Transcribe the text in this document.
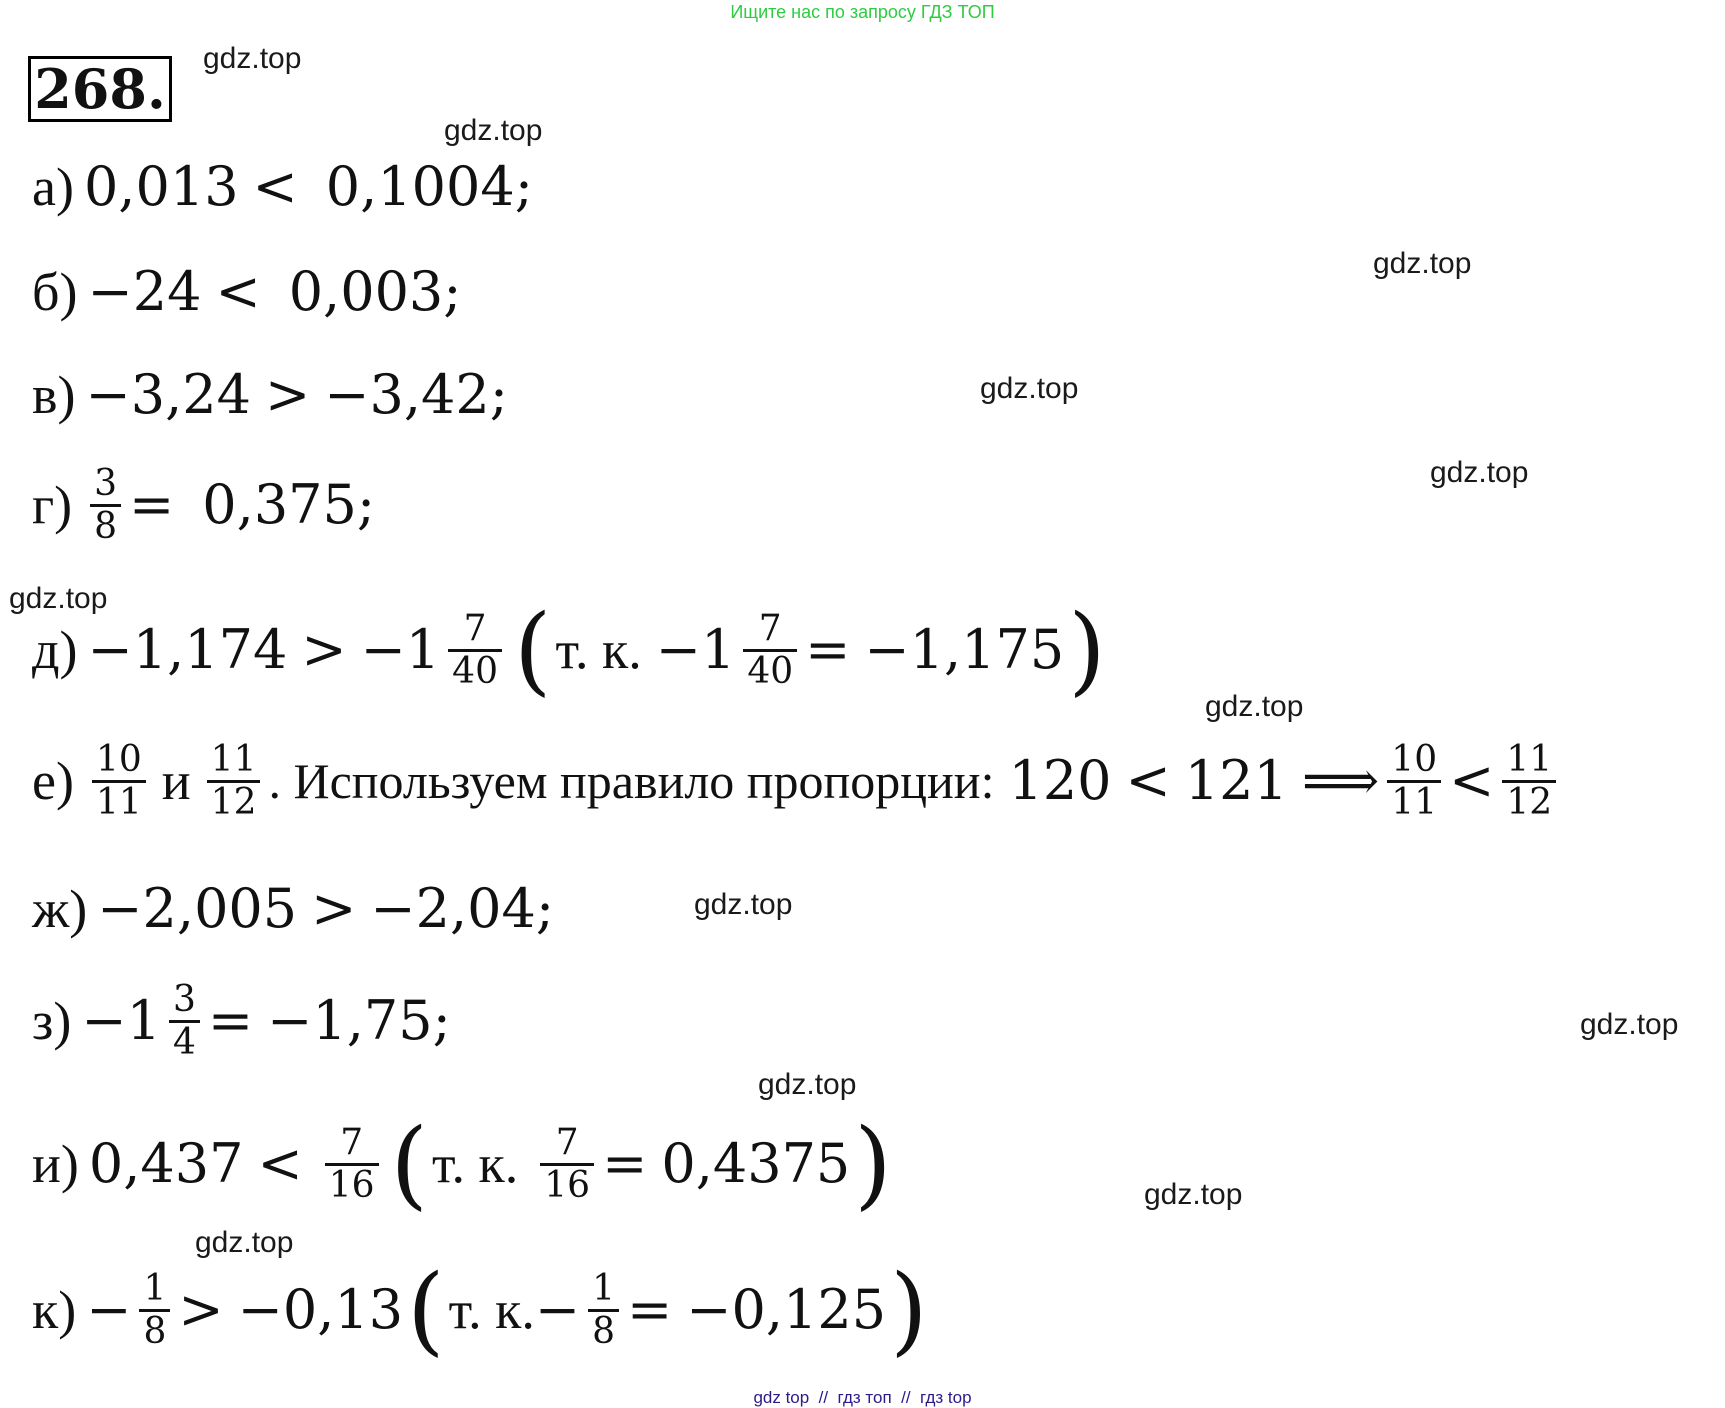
Ищите нас по запросу ГДЗ ТОП
268. gdz.top
gdz.top
gdz.top
gdz.top
gdz.top
gdz.top
gdz.top
gdz.top
gdz.top
gdz.top
gdz.top
gdz.top
а) 0,013 < 0,1004;
б) −24 < 0,003;
в) −3,24 > −3,42;
$г) \frac{3}{8} = 0,375$;
$д) -1,174 > -1 \frac{7}{40}$ ( т. к. $-1 \frac{7}{40} = -1,175$ )
$е) \frac{10}{11}$ и $\frac{11}{12}$ . Используем правило пропорции: 120 < 121 ⟹ $\frac{10}{11} < \frac{11}{12}$
ж) −2,005 > −2,04;
$з) -1 \frac{3}{4} = -1,75$;
и) $0,437 < \frac{7}{16}$ ( т. к. $\frac{7}{16} = 0,4375$ )
$к) - \frac{1}{8} > -0,13$ ( т. к. − $\frac{1}{8} = -0,125$ )
gdz top  //  гдз топ  //  гдз top
